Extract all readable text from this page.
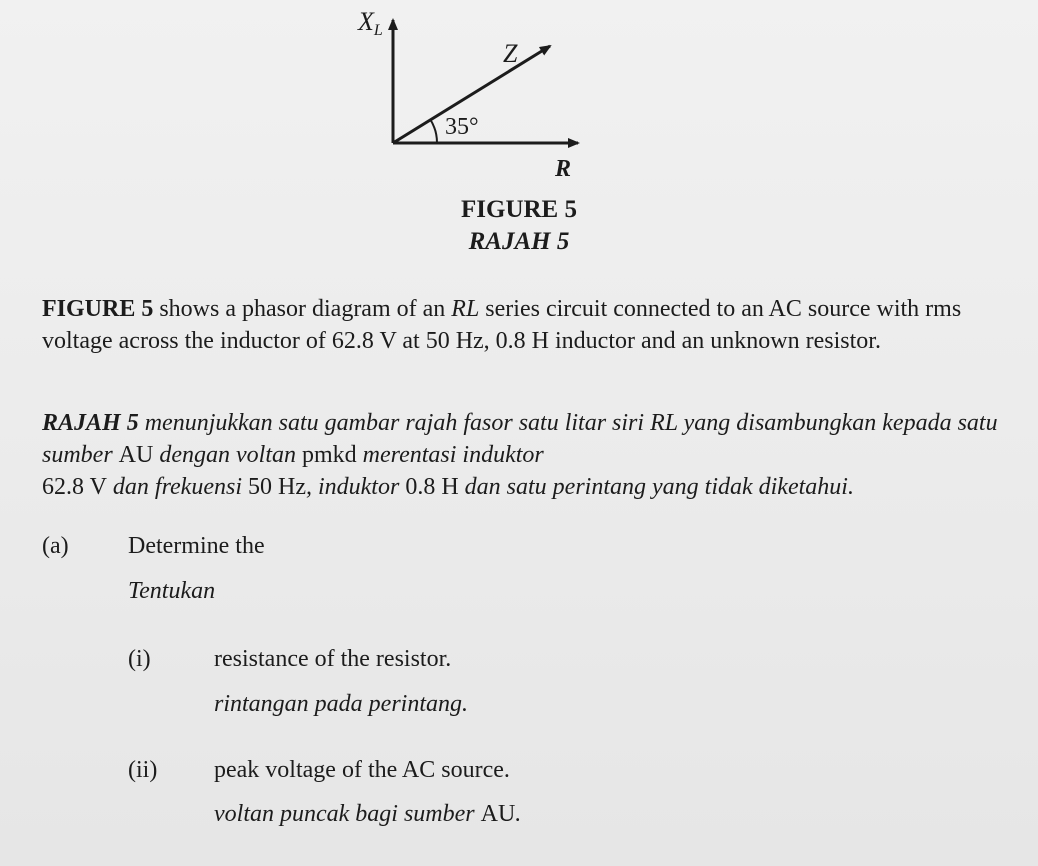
XL
Z
35°
R
FIGURE 5
RAJAH 5

FIGURE 5 shows a phasor diagram of an RL series circuit connected to an AC source with rms voltage across the inductor of 62.8 V at 50 Hz, 0.8 H inductor and an unknown resistor.

RAJAH 5 menunjukkan satu gambar rajah fasor satu litar siri RL yang disambungkan kepada satu sumber AU dengan voltan pmkd merentasi induktor
62.8 V dan frekuensi 50 Hz, induktor 0.8 H dan satu perintang yang tidak diketahui.

(a) Determine the
Tentukan
(i)	resistance of the resistor.
rintangan pada perintang.
(ii) peak voltage of the AC source.
voltan puncak bagi sumber AU.
